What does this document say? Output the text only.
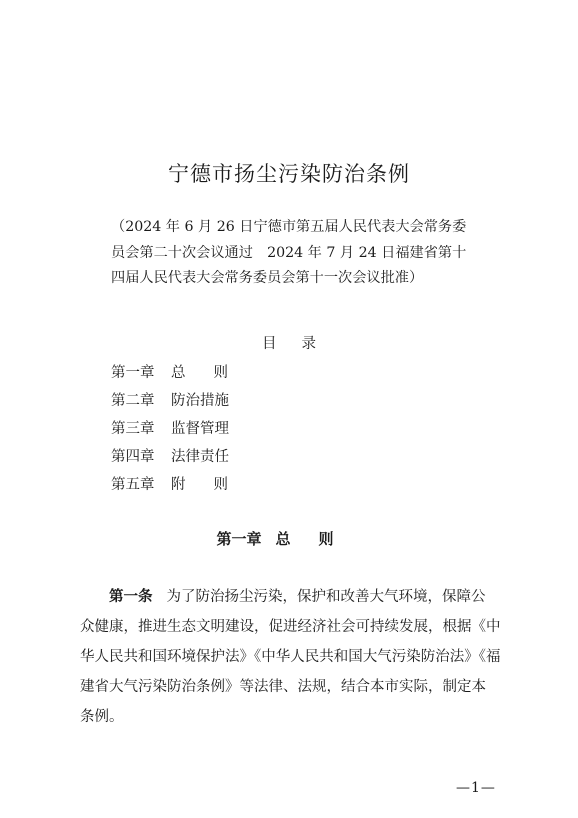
宁德市扬尘污染防治条例

（2024 年 6 月 26 日宁德市第五届人民代表大会常务委

员会第二十次会议通过　2024 年 7 月 24 日福建省第十

四届人民代表大会常务委员会第十一次会议批准）

目录
第一章 总则
第二章 防治措施
第三章 监督管理
第四章 法律责任
第五章 附则
第一章 总则
第一条 为了防治扬尘污染，保护和改善大气环境，保障公
众健康，推进生态文明建设，促进经济社会可持续发展，根据《中
华人民共和国环境保护法》《中华人民共和国大气污染防治法》《福
建省大气污染防治条例》等法律、法规，结合本市实际，制定本
条例。
—1—
